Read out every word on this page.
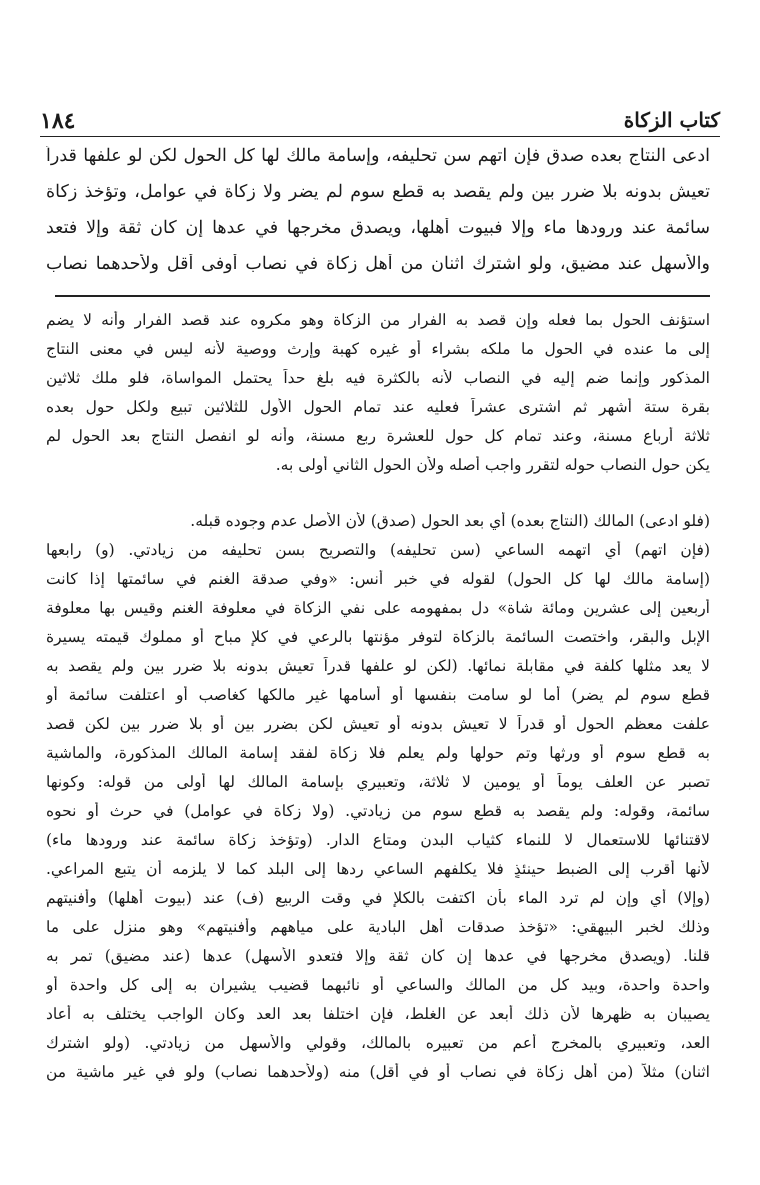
كتاب الزكاة
١٨٤
ادعى النتاج بعده صدق فإن اتهم سن تحليفه، وإسامة مالك لها كل الحول لكن لو علفها قدراً
تعيش بدونه بلا ضرر بين ولم يقصد به قطع سوم لم يضر ولا زكاة في عوامل، وتؤخذ زكاة
سائمة عند ورودها ماء وإلا فبيوت أهلها، ويصدق مخرجها في عدها إن كان ثقة وإلا فتعد
والأسهل عند مضيق، ولو اشترك اثنان من أهل زكاة في نصاب أوفى أقل ولأحدهما نصاب
استؤنف الحول بما فعله وإن قصد به الفرار من الزكاة وهو مكروه عند قصد الفرار وأنه لا يضم
إلى ما عنده في الحول ما ملكه بشراء أو غيره كهبة وإرث ووصية لأنه ليس في معنى النتاج
المذكور وإنما ضم إليه في النصاب لأنه بالكثرة فيه بلغ حداً يحتمل المواساة، فلو ملك ثلاثين
بقرة ستة أشهر ثم اشترى عشراً فعليه عند تمام الحول الأول للثلاثين تبيع ولكل حول بعده
ثلاثة أرباع مسنة، وعند تمام كل حول للعشرة ربع مسنة، وأنه لو انفصل النتاج بعد الحول لم
يكن حول النصاب حوله لتقرر واجب أصله ولأن الحول الثاني أولى به.
(فلو ادعى) المالك (النتاج بعده) أي بعد الحول (صدق) لأن الأصل عدم وجوده قبله.
(فإن اتهم) أي اتهمه الساعي (سن تحليفه) والتصريح بسن تحليفه من زيادتي. (و) رابعها
(إسامة مالك لها كل الحول) لقوله في خبر أنس: «وفي صدقة الغنم في سائمتها إذا كانت
أربعين إلى عشرين ومائة شاة» دل بمفهومه على نفي الزكاة في معلوفة الغنم وقيس بها معلوفة
الإبل والبقر، واختصت السائمة بالزكاة لتوفر مؤنتها بالرعي في كلإ مباح أو مملوك قيمته يسيرة
لا يعد مثلها كلفة في مقابلة نمائها. (لكن لو علفها قدراً تعيش بدونه بلا ضرر بين ولم يقصد به
قطع سوم لم يضر) أما لو سامت بنفسها أو أسامها غير مالكها كغاصب أو اعتلفت سائمة أو
علفت معظم الحول أو قدراً لا تعيش بدونه أو تعيش لكن بضرر بين أو بلا ضرر بين لكن قصد
به قطع سوم أو ورثها وتم حولها ولم يعلم فلا زكاة لفقد إسامة المالك المذكورة، والماشية
تصبر عن العلف يوماً أو يومين لا ثلاثة، وتعبيري بإسامة المالك لها أولى من قوله: وكونها
سائمة، وقوله: ولم يقصد به قطع سوم من زيادتي. (ولا زكاة في عوامل) في حرث أو نحوه
لاقتنائها للاستعمال لا للنماء كثياب البدن ومتاع الدار. (وتؤخذ زكاة سائمة عند ورودها ماء)
لأنها أقرب إلى الضبط حينئذٍ فلا يكلفهم الساعي ردها إلى البلد كما لا يلزمه أن يتبع المراعي.
(وإلا) أي وإن لم ترد الماء بأن اكتفت بالكلإ في وقت الربيع (ف) عند (بيوت أهلها) وأفنيتهم
وذلك لخبر البيهقي: «تؤخذ صدقات أهل البادية على مياههم وأفنيتهم» وهو منزل على ما
قلنا. (ويصدق مخرجها في عدها إن كان ثقة وإلا فتعدو الأسهل) عدها (عند مضيق) تمر به
واحدة واحدة، وبيد كل من المالك والساعي أو نائبهما قضيب يشيران به إلى كل واحدة أو
يصيبان به ظهرها لأن ذلك أبعد عن الغلط، فإن اختلفا بعد العد وكان الواجب يختلف به أعاد
العد، وتعبيري بالمخرج أعم من تعبيره بالمالك، وقولي والأسهل من زيادتي. (ولو اشترك
اثنان) مثلاً (من أهل زكاة في نصاب أو في أقل) منه (ولأحدهما نصاب) ولو في غير ماشية من
